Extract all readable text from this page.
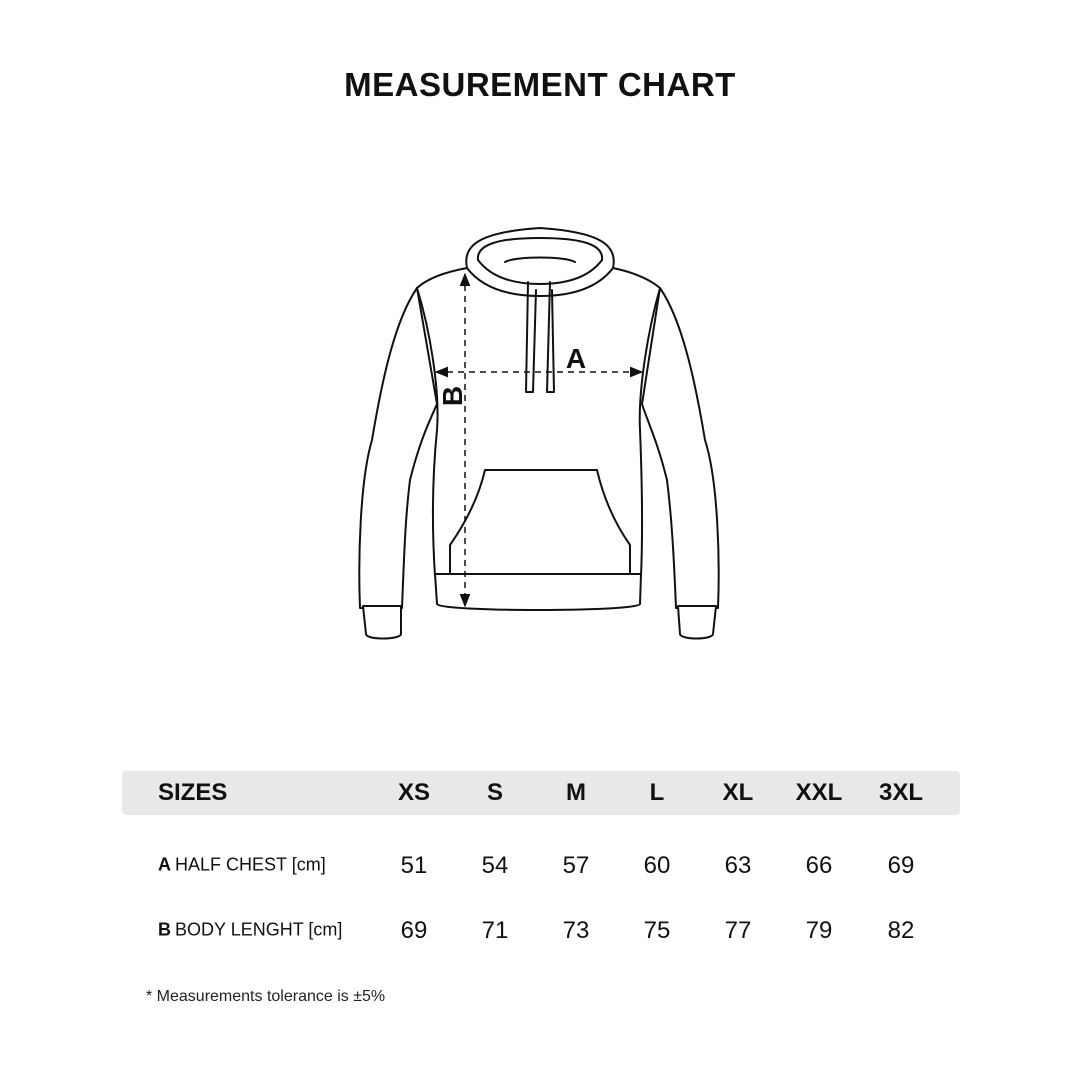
MEASUREMENT CHART
A
B
SIZES	XS S	M	L XL XXL 3XL
A HALF CHEST [cm]	51 54 57 60 63 66 69
B BODY LENGHT [cm] 69 71 73 75 77 79 82
* Measurements tolerance is ±5%
